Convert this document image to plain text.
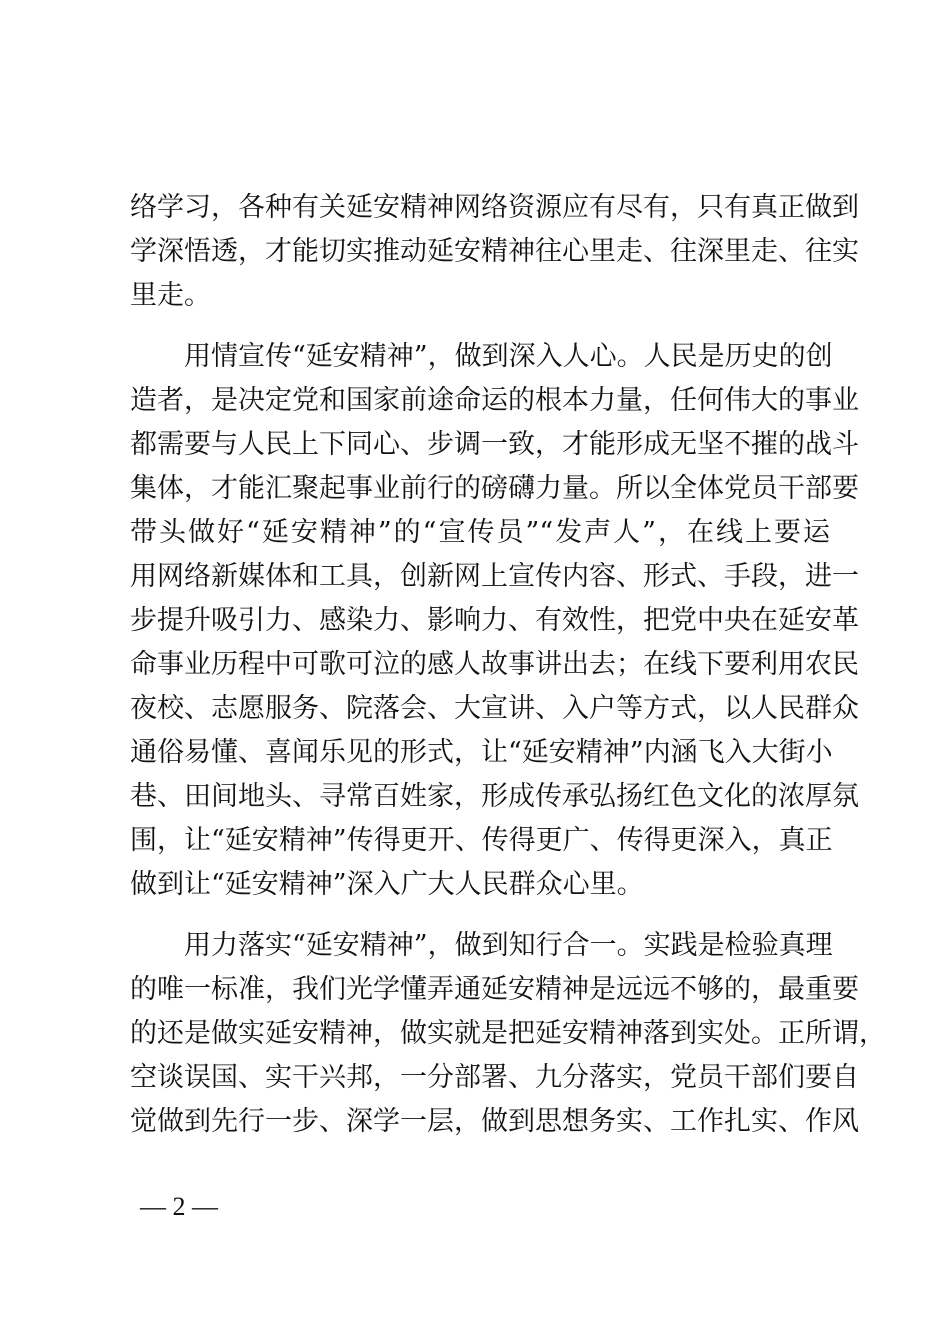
络学习，各种有关延安精神网络资源应有尽有，只有真正做到
学深悟透，才能切实推动延安精神往心里走、往深里走、往实
里走。
　　用情宣传“延安精神”，做到深入人心。人民是历史的创
造者，是决定党和国家前途命运的根本力量，任何伟大的事业
都需要与人民上下同心、步调一致，才能形成无坚不摧的战斗
集体，才能汇聚起事业前行的磅礴力量。所以全体党员干部要
带头做好“延安精神”的“宣传员”“发声人”，在线上要运
用网络新媒体和工具，创新网上宣传内容、形式、手段，进一
步提升吸引力、感染力、影响力、有效性，把党中央在延安革
命事业历程中可歌可泣的感人故事讲出去；在线下要利用农民
夜校、志愿服务、院落会、大宣讲、入户等方式，以人民群众
通俗易懂、喜闻乐见的形式，让“延安精神”内涵飞入大街小
巷、田间地头、寻常百姓家，形成传承弘扬红色文化的浓厚氛
围，让“延安精神”传得更开、传得更广、传得更深入，真正
做到让“延安精神”深入广大人民群众心里。
　　用力落实“延安精神”，做到知行合一。实践是检验真理
的唯一标准，我们光学懂弄通延安精神是远远不够的，最重要
的还是做实延安精神，做实就是把延安精神落到实处。正所谓，
空谈误国、实干兴邦，一分部署、九分落实，党员干部们要自
觉做到先行一步、深学一层，做到思想务实、工作扎实、作风
— 2 —
